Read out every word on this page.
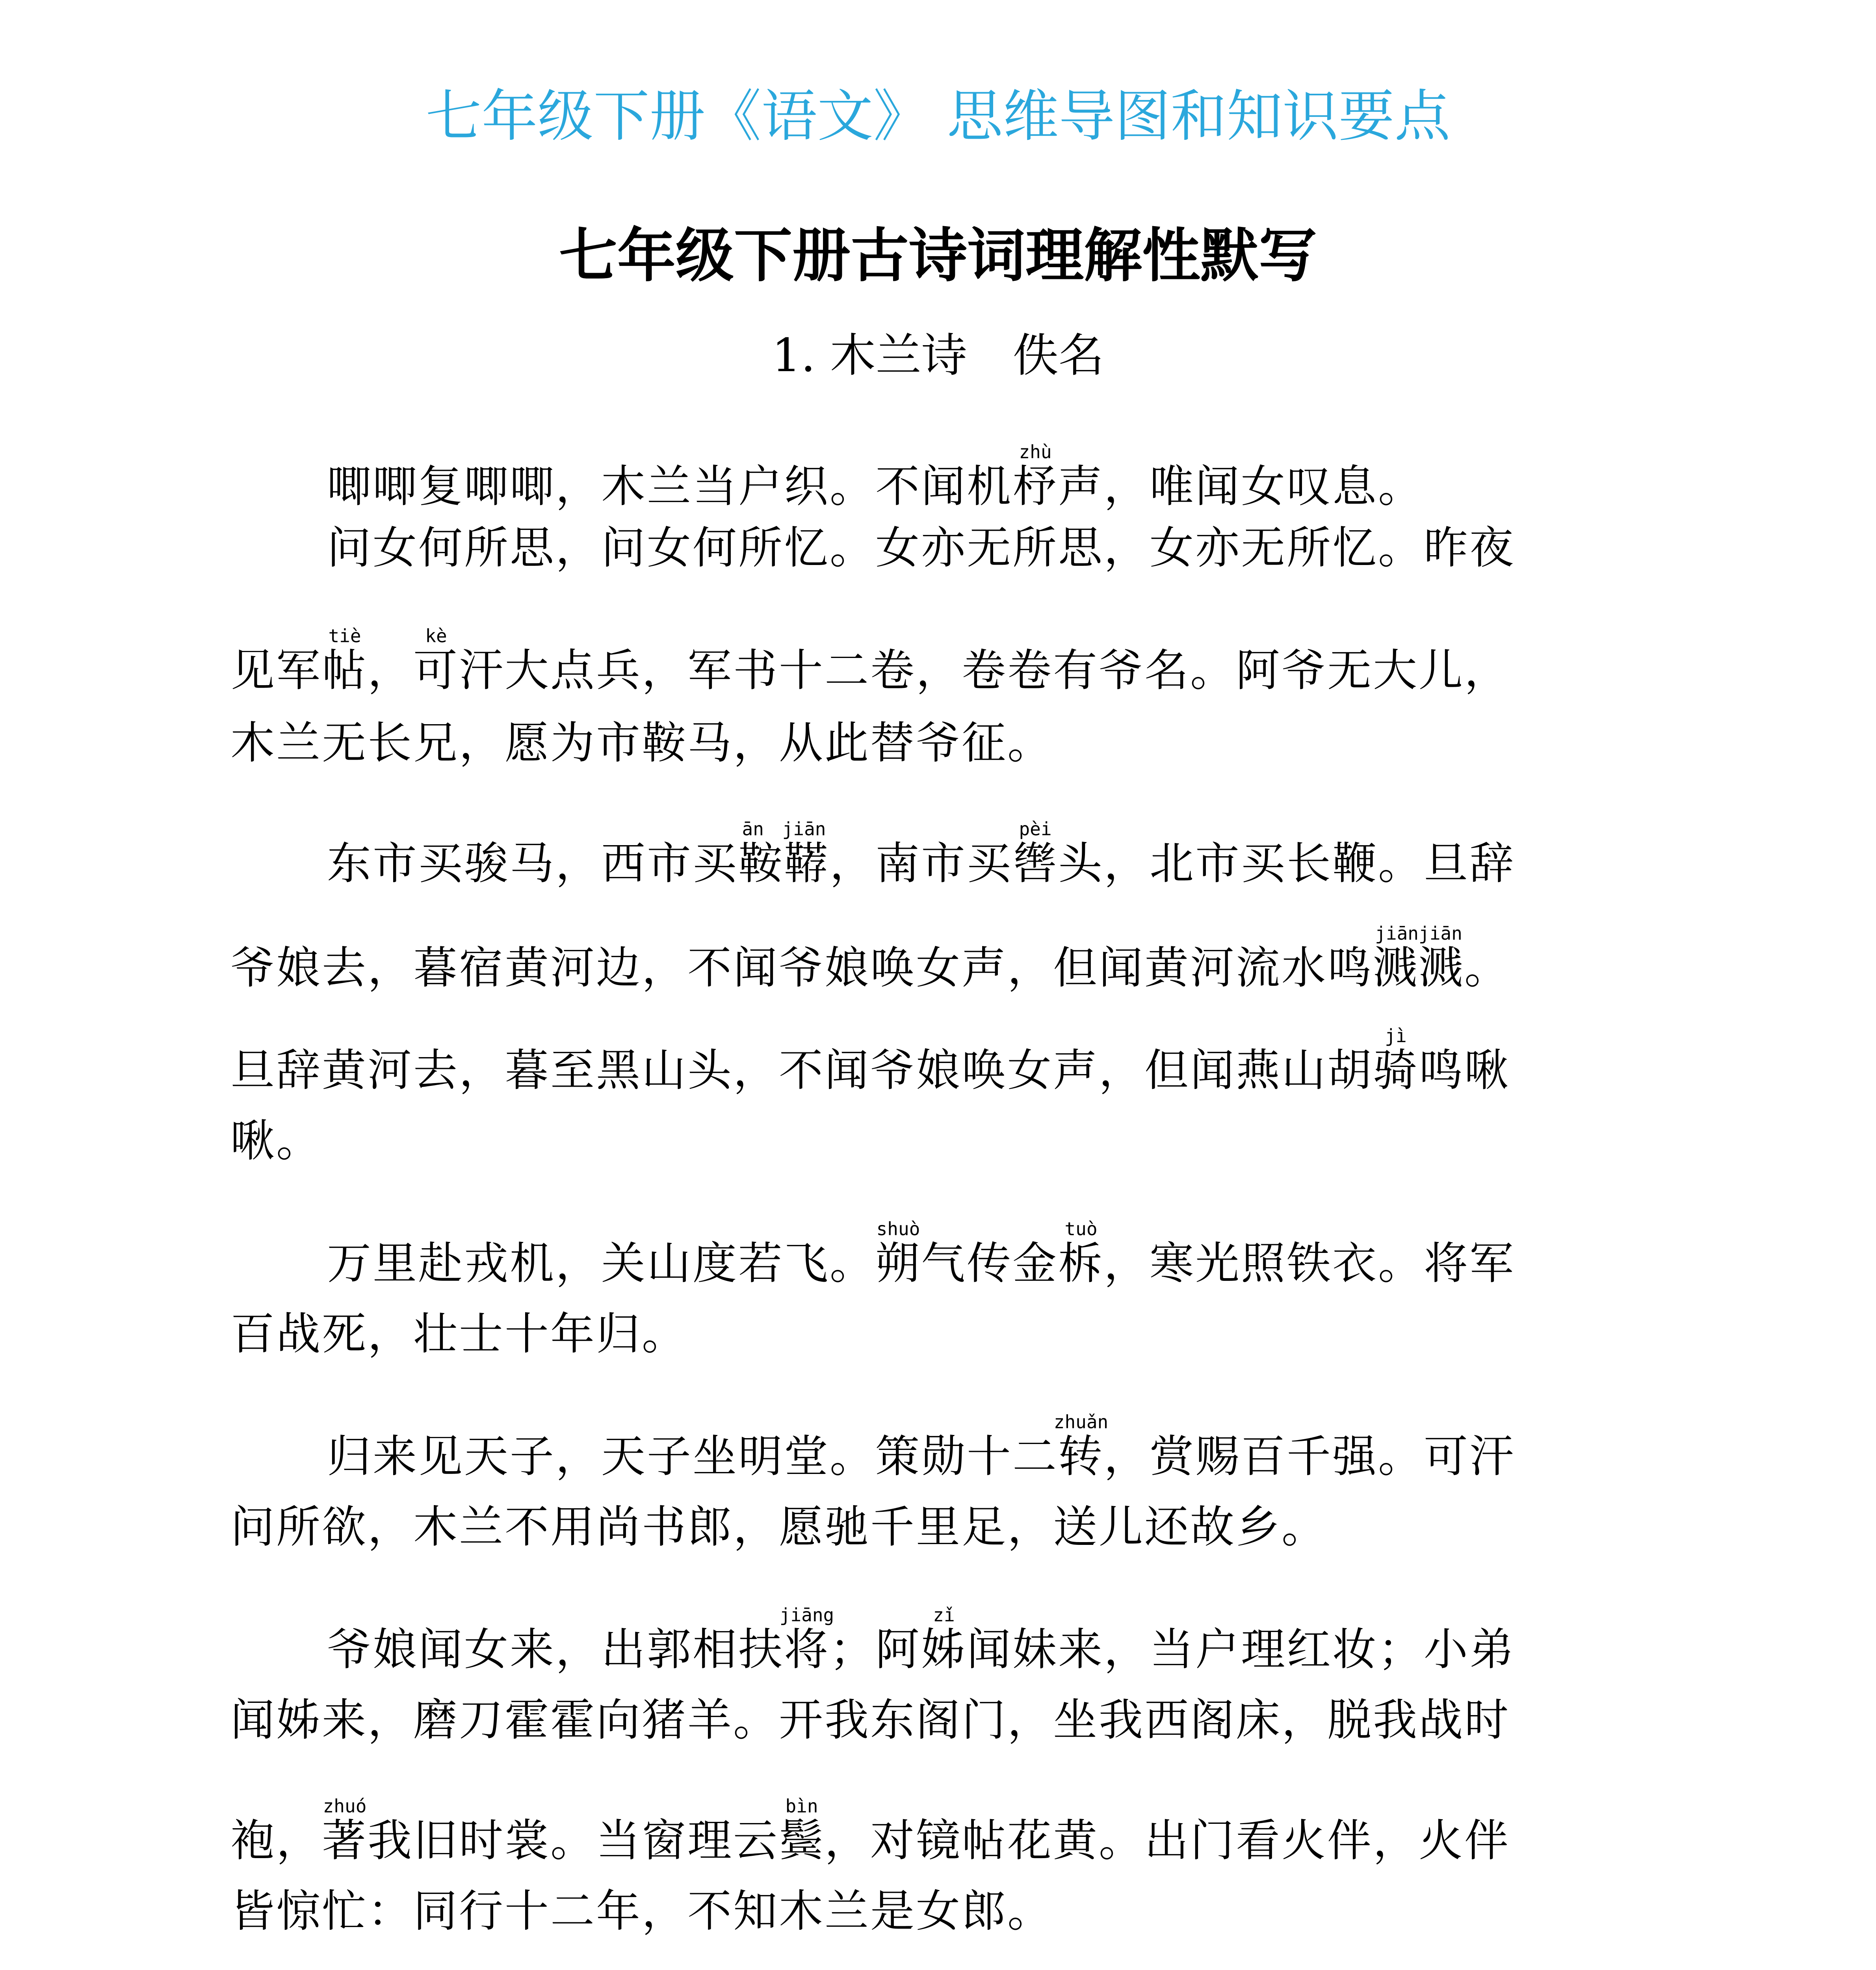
七年级下册《语文》 思维导图和知识要点
七年级下册古诗词理解性默写
1. 木兰诗　佚名
唧唧复唧唧，木兰当户织。不闻机杼zhù声，唯闻女叹息。
问女何所思，问女何所忆。女亦无所思，女亦无所忆。昨夜
见军帖tiè，可kè汗大点兵，军书十二卷，卷卷有爷名。阿爷无大儿，
木兰无长兄，愿为市鞍马，从此替爷征。
东市买骏马，西市买鞍鞯ān jiān，南市买辔pèi头，北市买长鞭。旦辞
爷娘去，暮宿黄河边，不闻爷娘唤女声，但闻黄河流水鸣溅溅jiānjiān。
旦辞黄河去，暮至黑山头，不闻爷娘唤女声，但闻燕山胡骑jì鸣啾
啾。
万里赴戎机，关山度若飞。朔shuò气传金柝tuò，寒光照铁衣。将军
百战死，壮士十年归。
归来见天子，天子坐明堂。策勋十二转zhuǎn，赏赐百千强。可汗
问所欲，木兰不用尚书郎，愿驰千里足，送儿还故乡。
爷娘闻女来，出郭相扶将jiāng；阿姊zǐ闻妹来，当户理红妆；小弟
闻姊来，磨刀霍霍向猪羊。开我东阁门，坐我西阁床，脱我战时
袍，著zhuó我旧时裳。当窗理云鬓bìn，对镜帖花黄。出门看火伴，火伴
皆惊忙：同行十二年，不知木兰是女郎。
